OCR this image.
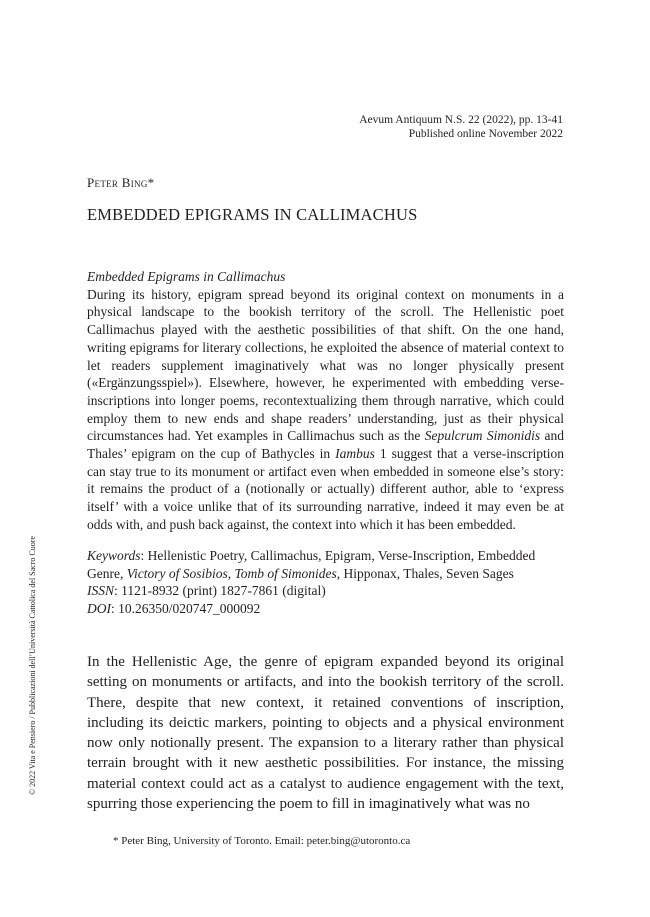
Aevum Antiquum N.S. 22 (2022), pp. 13-41
Published online November 2022
Peter Bing*
EMBEDDED EPIGRAMS IN CALLIMACHUS
Embedded Epigrams in Callimachus

During its history, epigram spread beyond its original context on monuments in a physical landscape to the bookish territory of the scroll. The Hellenistic poet Callimachus played with the aesthetic possibilities of that shift. On the one hand, writing epigrams for literary collections, he exploited the absence of material context to let readers supplement imaginatively what was no longer physically present («Ergänzungsspiel»). Elsewhere, however, he experimented with embedding verse-inscriptions into longer poems, recontextualizing them through narrative, which could employ them to new ends and shape readers’ understanding, just as their physical circumstances had. Yet examples in Callimachus such as the Sepulcrum Simonidis and Thales’ epigram on the cup of Bathycles in Iambus 1 suggest that a verse-inscription can stay true to its monument or artifact even when embedded in someone else’s story: it remains the product of a (notionally or actually) different author, able to ‘express itself’ with a voice unlike that of its surrounding narrative, indeed it may even be at odds with, and push back against, the context into which it has been embedded.

Keywords: Hellenistic Poetry, Callimachus, Epigram, Verse-Inscription, Embedded Genre, Victory of Sosibios, Tomb of Simonides, Hipponax, Thales, Seven Sages
ISSN: 1121-8932 (print) 1827-7861 (digital)
DOI: 10.26350/020747_000092

In the Hellenistic Age, the genre of epigram expanded beyond its original setting on monuments or artifacts, and into the bookish territory of the scroll. There, despite that new context, it retained conventions of inscription, including its deictic markers, pointing to objects and a physical environment now only notionally present. The expansion to a literary rather than physical terrain brought with it new aesthetic possibilities. For instance, the missing material context could act as a catalyst to audience engagement with the text, spurring those experiencing the poem to fill in imaginatively what was no

* Peter Bing, University of Toronto. Email: peter.bing@utoronto.ca
© 2022 Vita e Pensiero / Pubblicazioni dell’Università Cattolica del Sacro Cuore
